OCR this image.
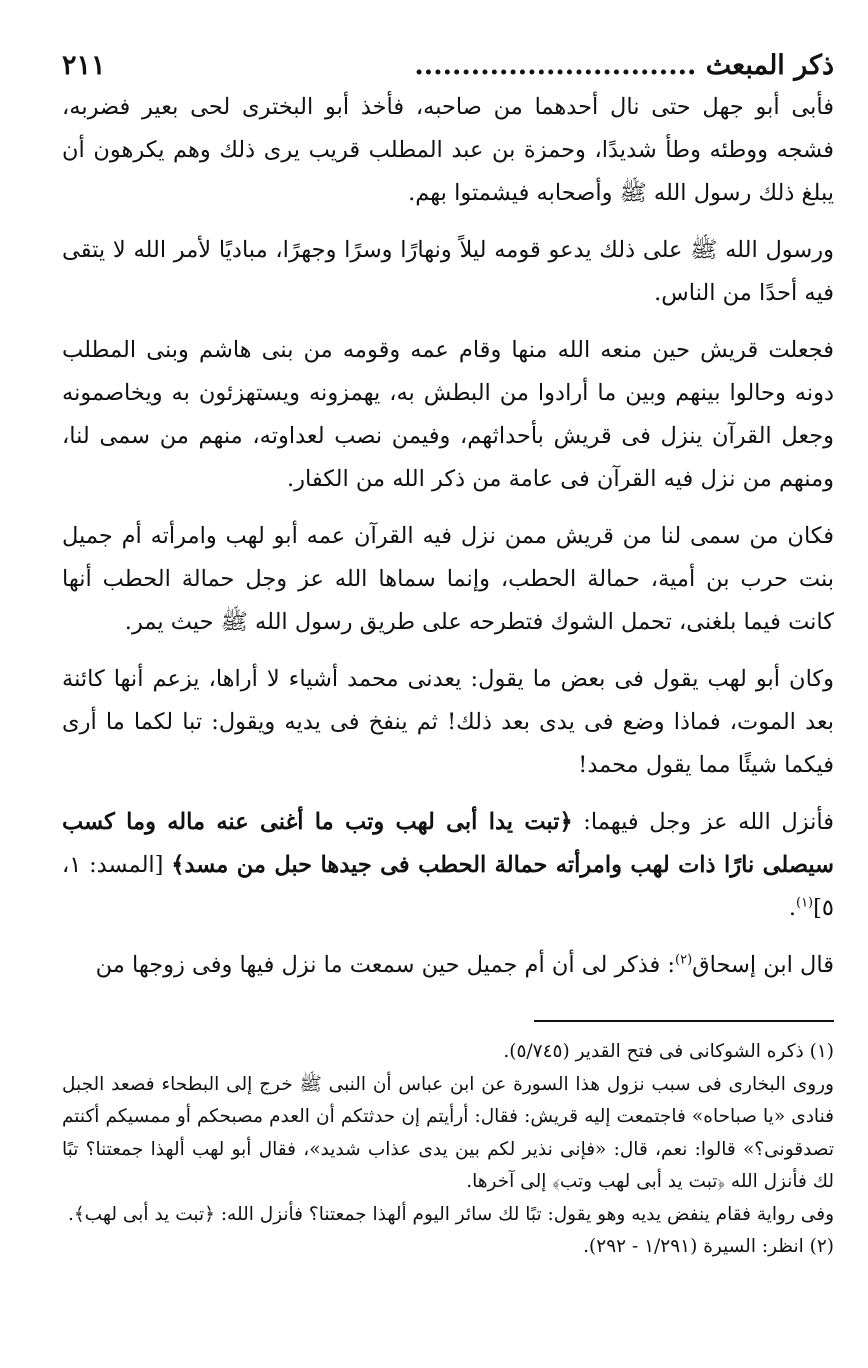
ذكر المبعث ..............................
٢١١

فأبى أبو جهل حتى نال أحدهما من صاحبه، فأخذ أبو البخترى لحى بعير فضربه، فشجه ووطئه وطأ شديدًا، وحمزة بن عبد المطلب قريب يرى ذلك وهم يكرهون أن يبلغ ذلك رسول الله ﷺ وأصحابه فيشمتوا بهم.

ورسول الله ﷺ على ذلك يدعو قومه ليلاً ونهارًا وسرًا وجهرًا، مباديًا لأمر الله لا يتقى فيه أحدًا من الناس.

فجعلت قريش حين منعه الله منها وقام عمه وقومه من بنى هاشم وبنى المطلب دونه وحالوا بينهم وبين ما أرادوا من البطش به، يهمزونه ويستهزئون به ويخاصمونه وجعل القرآن ينزل فى قريش بأحداثهم، وفيمن نصب لعداوته، منهم من سمى لنا، ومنهم من نزل فيه القرآن فى عامة من ذكر الله من الكفار.

فكان من سمى لنا من قريش ممن نزل فيه القرآن عمه أبو لهب وامرأته أم جميل بنت حرب بن أمية، حمالة الحطب، وإنما سماها الله عز وجل حمالة الحطب أنها كانت فيما بلغنى، تحمل الشوك فتطرحه على طريق رسول الله ﷺ حيث يمر.

وكان أبو لهب يقول فى بعض ما يقول: يعدنى محمد أشياء لا أراها، يزعم أنها كائنة بعد الموت، فماذا وضع فى يدى بعد ذلك! ثم ينفخ فى يديه ويقول: تبا لكما ما أرى فيكما شيئًا مما يقول محمد!

فأنزل الله عز وجل فيهما: ﴿تبت يدا أبى لهب وتب ما أغنى عنه ماله وما كسب سيصلى نارًا ذات لهب وامرأته حمالة الحطب فى جيدها حبل من مسد﴾ [المسد: ١، ٥]$^{(١)}$.

قال ابن إسحاق$^{(٢)}$: فذكر لى أن أم جميل حين سمعت ما نزل فيها وفى زوجها من

(١) ذكره الشوكانى فى فتح القدير (٥/٧٤٥).

وروى البخارى فى سبب نزول هذا السورة عن ابن عباس أن النبى ﷺ خرج إلى البطحاء فصعد الجبل فنادى «يا صباحاه» فاجتمعت إليه قريش: فقال: أرأيتم إن حدثتكم أن العدم مصبحكم أو ممسيكم أكنتم تصدقونى؟» قالوا: نعم، قال: «فإنى نذير لكم بين يدى عذاب شديد»، فقال أبو لهب ألهذا جمعتنا؟ تبًا لك فأنزل الله ﴿تبت يد أبى لهب وتب﴾ إلى آخرها.

وفى رواية فقام ينفض يديه وهو يقول: تبًا لك سائر اليوم ألهذا جمعتنا؟ فأنزل الله: ﴿تبت يد أبى لهب﴾.

(٢) انظر: السيرة (١/٢٩١ - ٢٩٢).
